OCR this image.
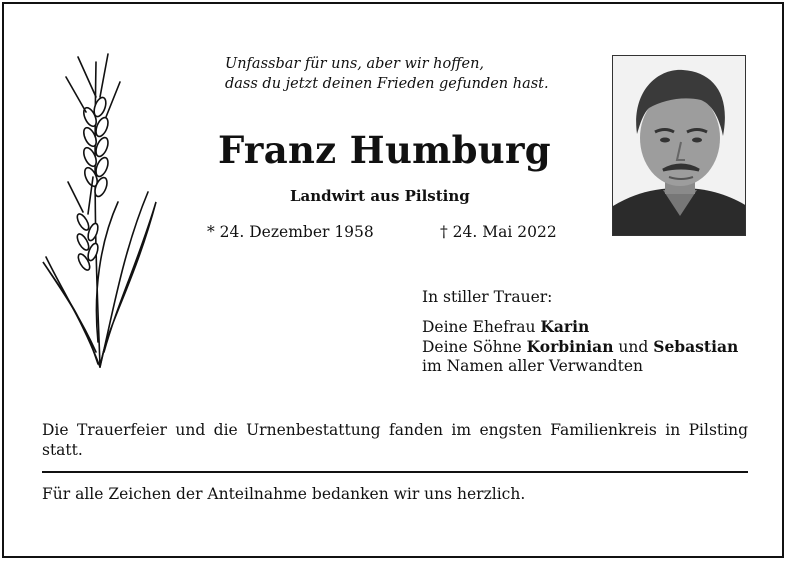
Unfassbar für uns, aber wir hoffen,
dass du jetzt deinen Frieden gefunden hast.
Franz Humburg
Landwirt aus Pilsting
* 24. Dezember 1958	† 24. Mai 2022
In stiller Trauer:
Deine Ehefrau Karin
Deine Söhne Korbinian und Sebastian
im Namen aller Verwandten
Die Trauerfeier und die Urnenbestattung fanden im engsten Familienkreis in Pilsting statt.
Für alle Zeichen der Anteilnahme bedanken wir uns herzlich.
